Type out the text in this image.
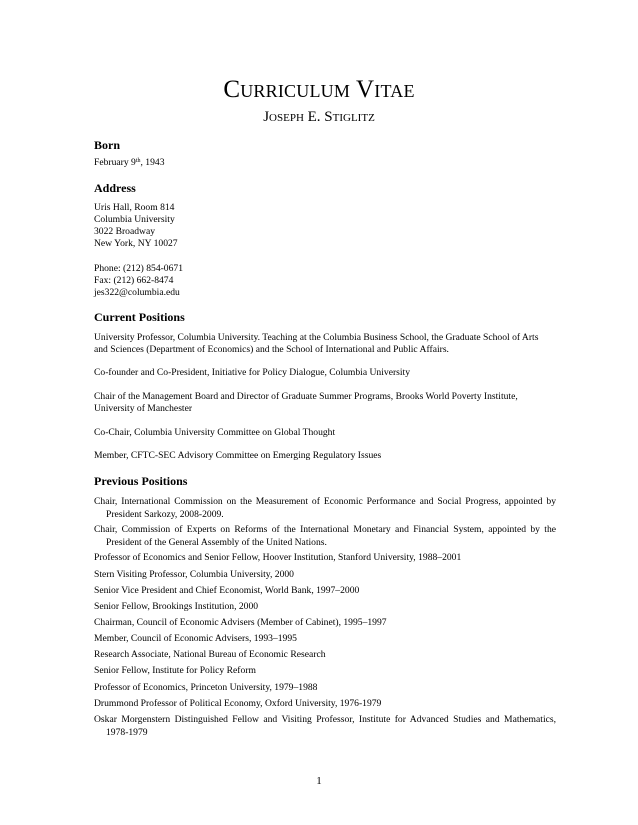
Curriculum Vitae
Joseph E. Stiglitz
Born
February 9th, 1943
Address
Uris Hall, Room 814
Columbia University
3022 Broadway
New York, NY 10027
Phone: (212) 854-0671
Fax: (212) 662-8474
jes322@columbia.edu
Current Positions
University Professor, Columbia University. Teaching at the Columbia Business School, the Graduate School of Arts and Sciences (Department of Economics) and the School of International and Public Affairs.
Co-founder and Co-President, Initiative for Policy Dialogue, Columbia University
Chair of the Management Board and Director of Graduate Summer Programs, Brooks World Poverty Institute, University of Manchester
Co-Chair, Columbia University Committee on Global Thought
Member, CFTC-SEC Advisory Committee on Emerging Regulatory Issues
Previous Positions
Chair, International Commission on the Measurement of Economic Performance and Social Progress, appointed by President Sarkozy, 2008-2009.
Chair, Commission of Experts on Reforms of the International Monetary and Financial System, appointed by the President of the General Assembly of the United Nations.
Professor of Economics and Senior Fellow, Hoover Institution, Stanford University, 1988–2001
Stern Visiting Professor, Columbia University, 2000
Senior Vice President and Chief Economist, World Bank, 1997–2000
Senior Fellow, Brookings Institution, 2000
Chairman, Council of Economic Advisers (Member of Cabinet), 1995–1997
Member, Council of Economic Advisers, 1993–1995
Research Associate, National Bureau of Economic Research
Senior Fellow, Institute for Policy Reform
Professor of Economics, Princeton University, 1979–1988
Drummond Professor of Political Economy, Oxford University, 1976-1979
Oskar Morgenstern Distinguished Fellow and Visiting Professor, Institute for Advanced Studies and Mathematics, 1978-1979
1
